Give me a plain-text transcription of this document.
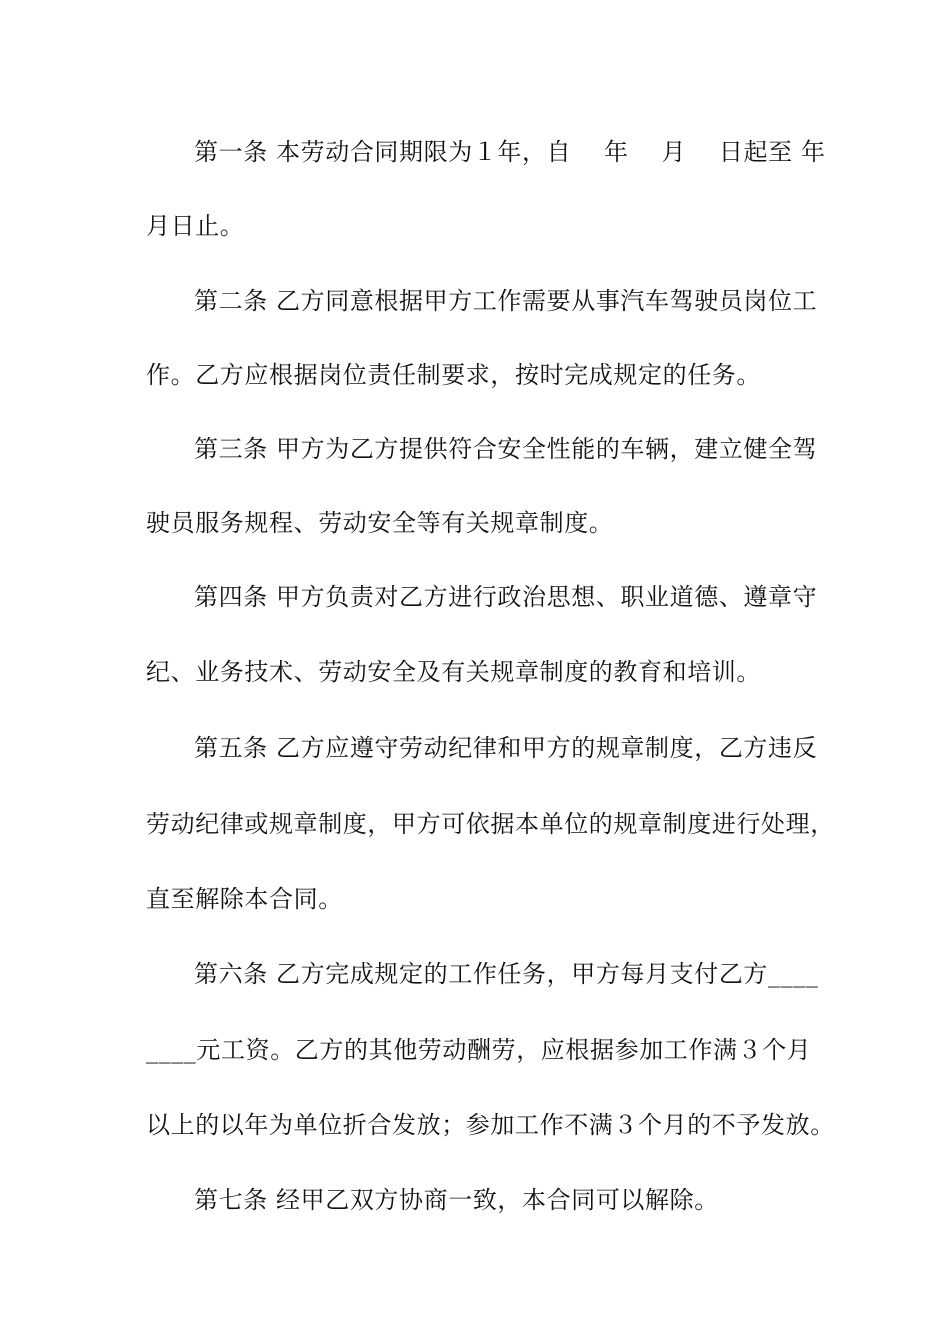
第一条 本劳动合同期限为１年，自　 年　 月　 日起至 年
月日止。
第二条 乙方同意根据甲方工作需要从事汽车驾驶员岗位工
作。乙方应根据岗位责任制要求，按时完成规定的任务。
第三条 甲方为乙方提供符合安全性能的车辆，建立健全驾
驶员服务规程、劳动安全等有关规章制度。
第四条 甲方负责对乙方进行政治思想、职业道德、遵章守
纪、业务技术、劳动安全及有关规章制度的教育和培训。
第五条 乙方应遵守劳动纪律和甲方的规章制度，乙方违反
劳动纪律或规章制度，甲方可依据本单位的规章制度进行处理，
直至解除本合同。
第六条 乙方完成规定的工作任务，甲方每月支付乙方____
____元工资。乙方的其他劳动酬劳，应根据参加工作满３个月
以上的以年为单位折合发放；参加工作不满３个月的不予发放。
第七条 经甲乙双方协商一致，本合同可以解除。
